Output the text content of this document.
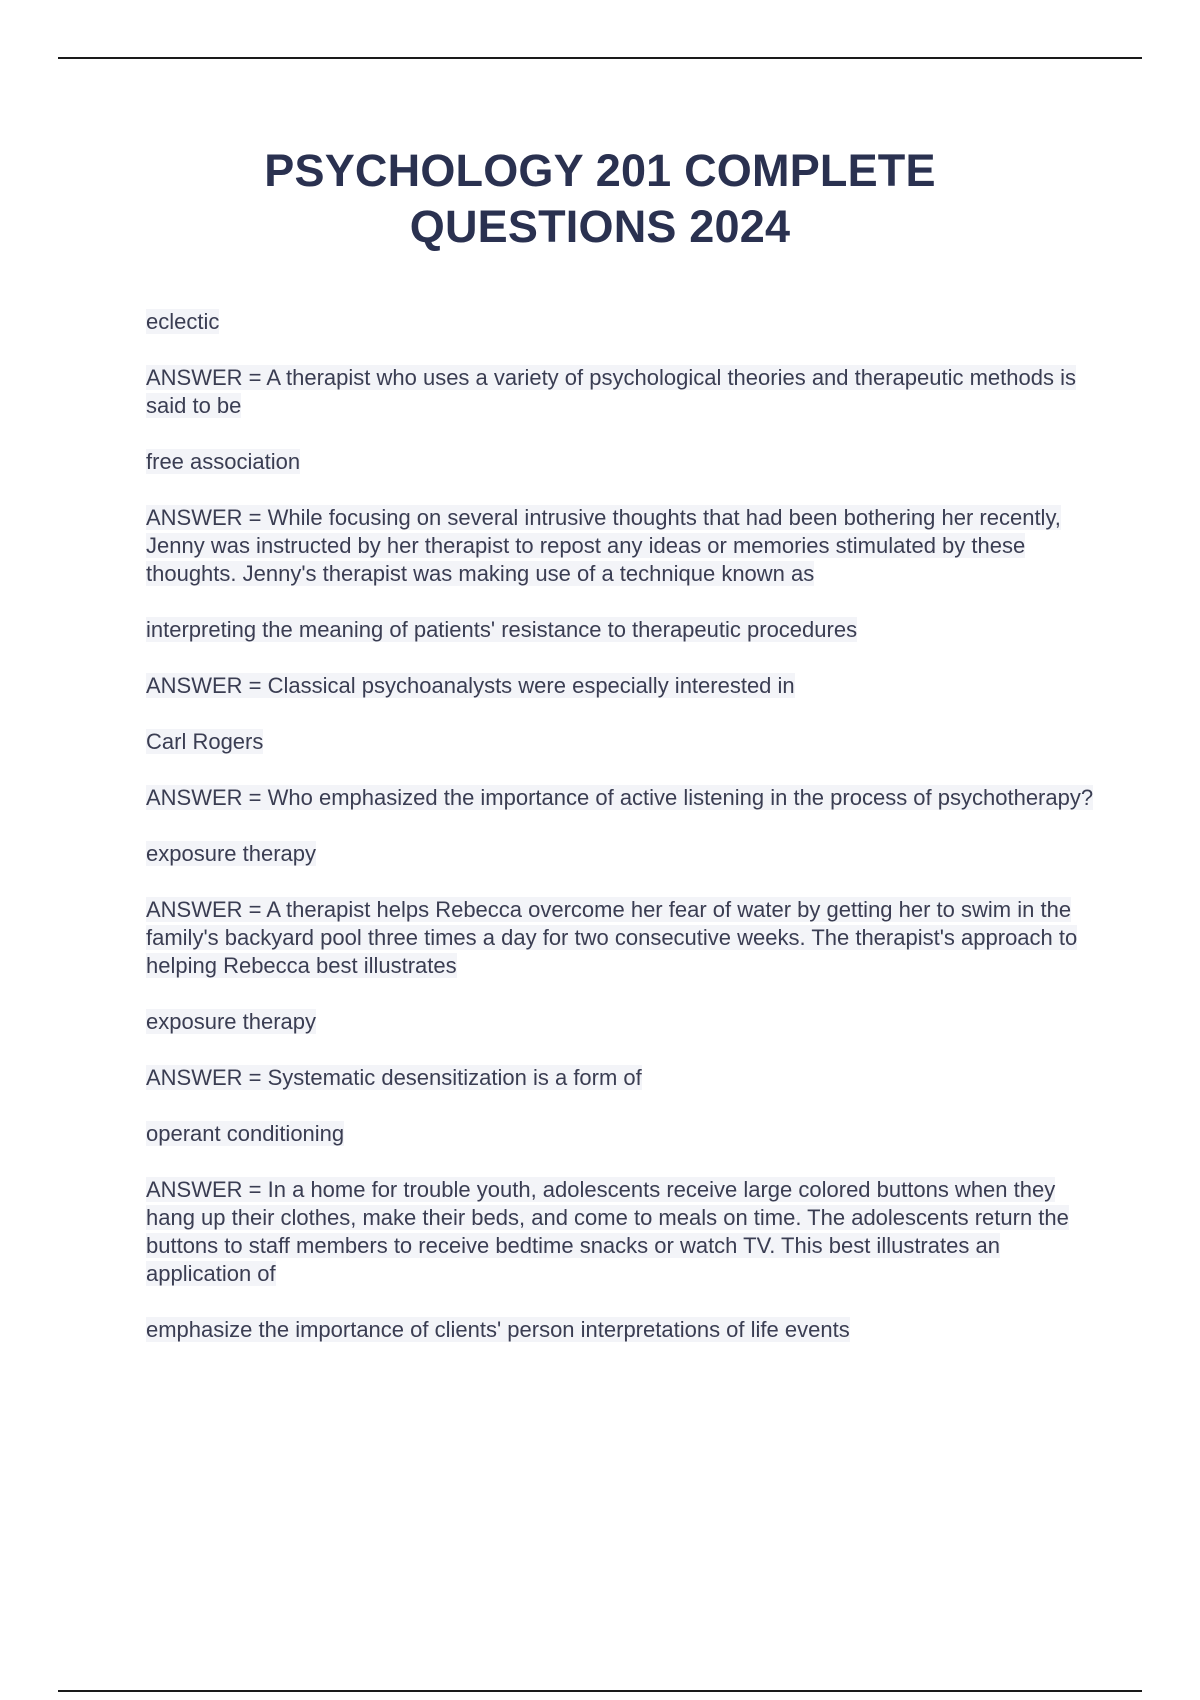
PSYCHOLOGY 201 COMPLETE
QUESTIONS 2024

eclectic

ANSWER = A therapist who uses a variety of psychological theories and therapeutic methods is said to be

free association

ANSWER = While focusing on several intrusive thoughts that had been bothering her recently, Jenny was instructed by her therapist to repost any ideas or memories stimulated by these thoughts. Jenny's therapist was making use of a technique known as

interpreting the meaning of patients' resistance to therapeutic procedures

ANSWER = Classical psychoanalysts were especially interested in

Carl Rogers

ANSWER = Who emphasized the importance of active listening in the process of psychotherapy?

exposure therapy

ANSWER = A therapist helps Rebecca overcome her fear of water by getting her to swim in the family's backyard pool three times a day for two consecutive weeks. The therapist's approach to helping Rebecca best illustrates

exposure therapy

ANSWER = Systematic desensitization is a form of

operant conditioning

ANSWER = In a home for trouble youth, adolescents receive large colored buttons when they hang up their clothes, make their beds, and come to meals on time. The adolescents return the buttons to staff members to receive bedtime snacks or watch TV. This best illustrates an application of

emphasize the importance of clients' person interpretations of life events
